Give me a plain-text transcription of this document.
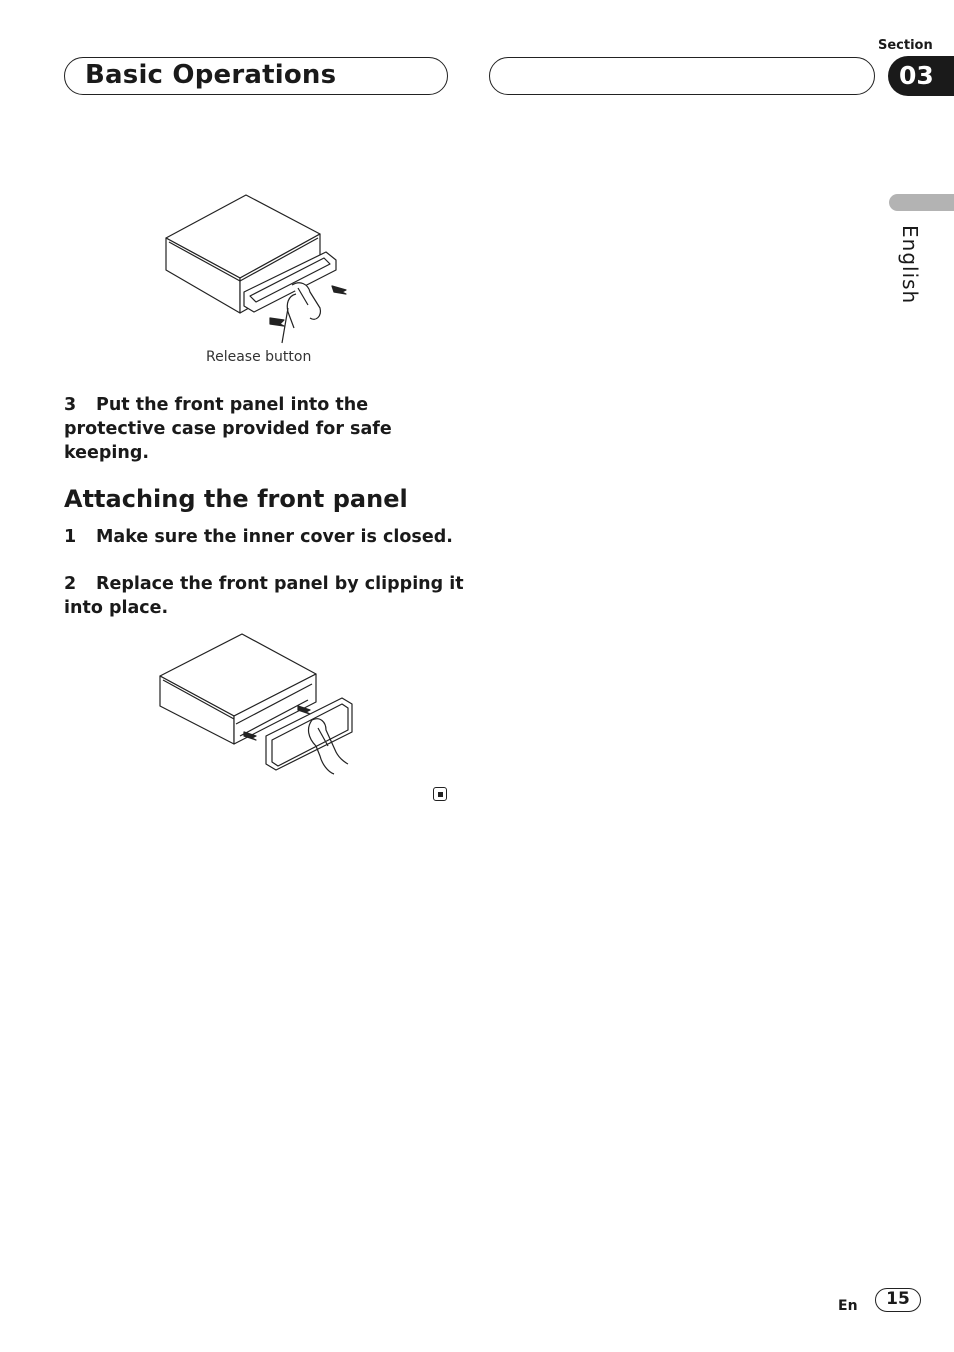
Section
Basic Operations	03
English
Release button
3 Put the front panel into the protective case provided for safe keeping.
Attaching the front panel
1 Make sure the inner cover is closed.
2 Replace the front panel by clipping it into place.
En	15
